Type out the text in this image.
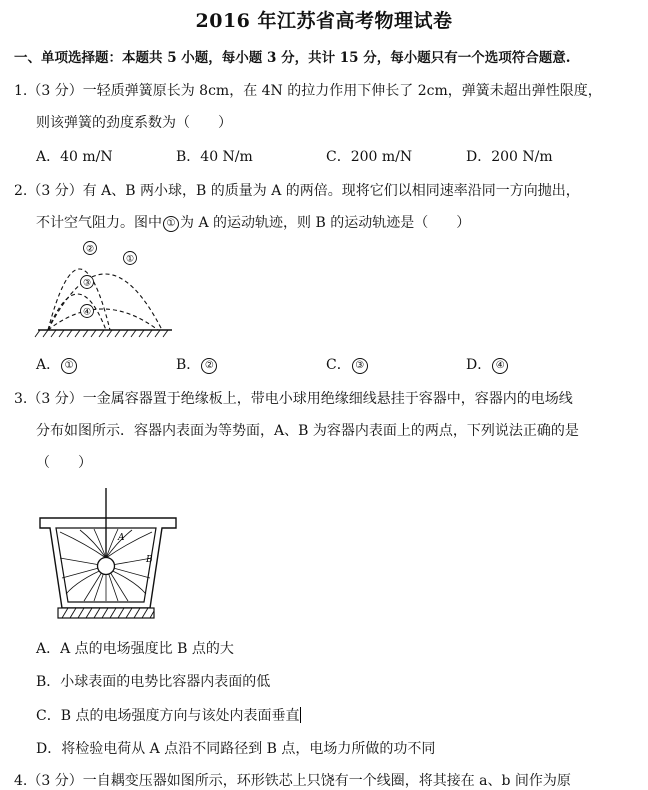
2016 年江苏省高考物理试卷
一、单项选择题：本题共 5 小题，每小题 3 分，共计 15 分，每小题只有一个选项符合题意.
1.（3 分）一轻质弹簧原长为 8cm，在 4N 的拉力作用下伸长了 2cm，弹簧未超出弹性限度，
则该弹簧的劲度系数为（　　）
A．40 m/N	B．40 N/m	C．200 m/N	D．200 N/m
2.（3 分）有 A、B 两小球，B 的质量为 A 的两倍。现将它们以相同速率沿同一方向抛出，
不计空气阻力。图中 ① 为 A 的运动轨迹，则 B 的运动轨迹是（　　）
①
②
③
④
A． ①	B． ②	C． ③	D． ④
3.（3 分）一金属容器置于绝缘板上，带电小球用绝缘细线悬挂于容器中，容器内的电场线
分布如图所示．容器内表面为等势面，A、B 为容器内表面上的两点，下列说法正确的是
（　　）
A
B
A．A 点的电场强度比 B 点的大
B．小球表面的电势比容器内表面的低
C．B 点的电场强度方向与该处内表面垂直
D．将检验电荷从 A 点沿不同路径到 B 点，电场力所做的功不同
4.（3 分）一自耦变压器如图所示，环形铁芯上只饶有一个线圈，将其接在 a、b 间作为原
